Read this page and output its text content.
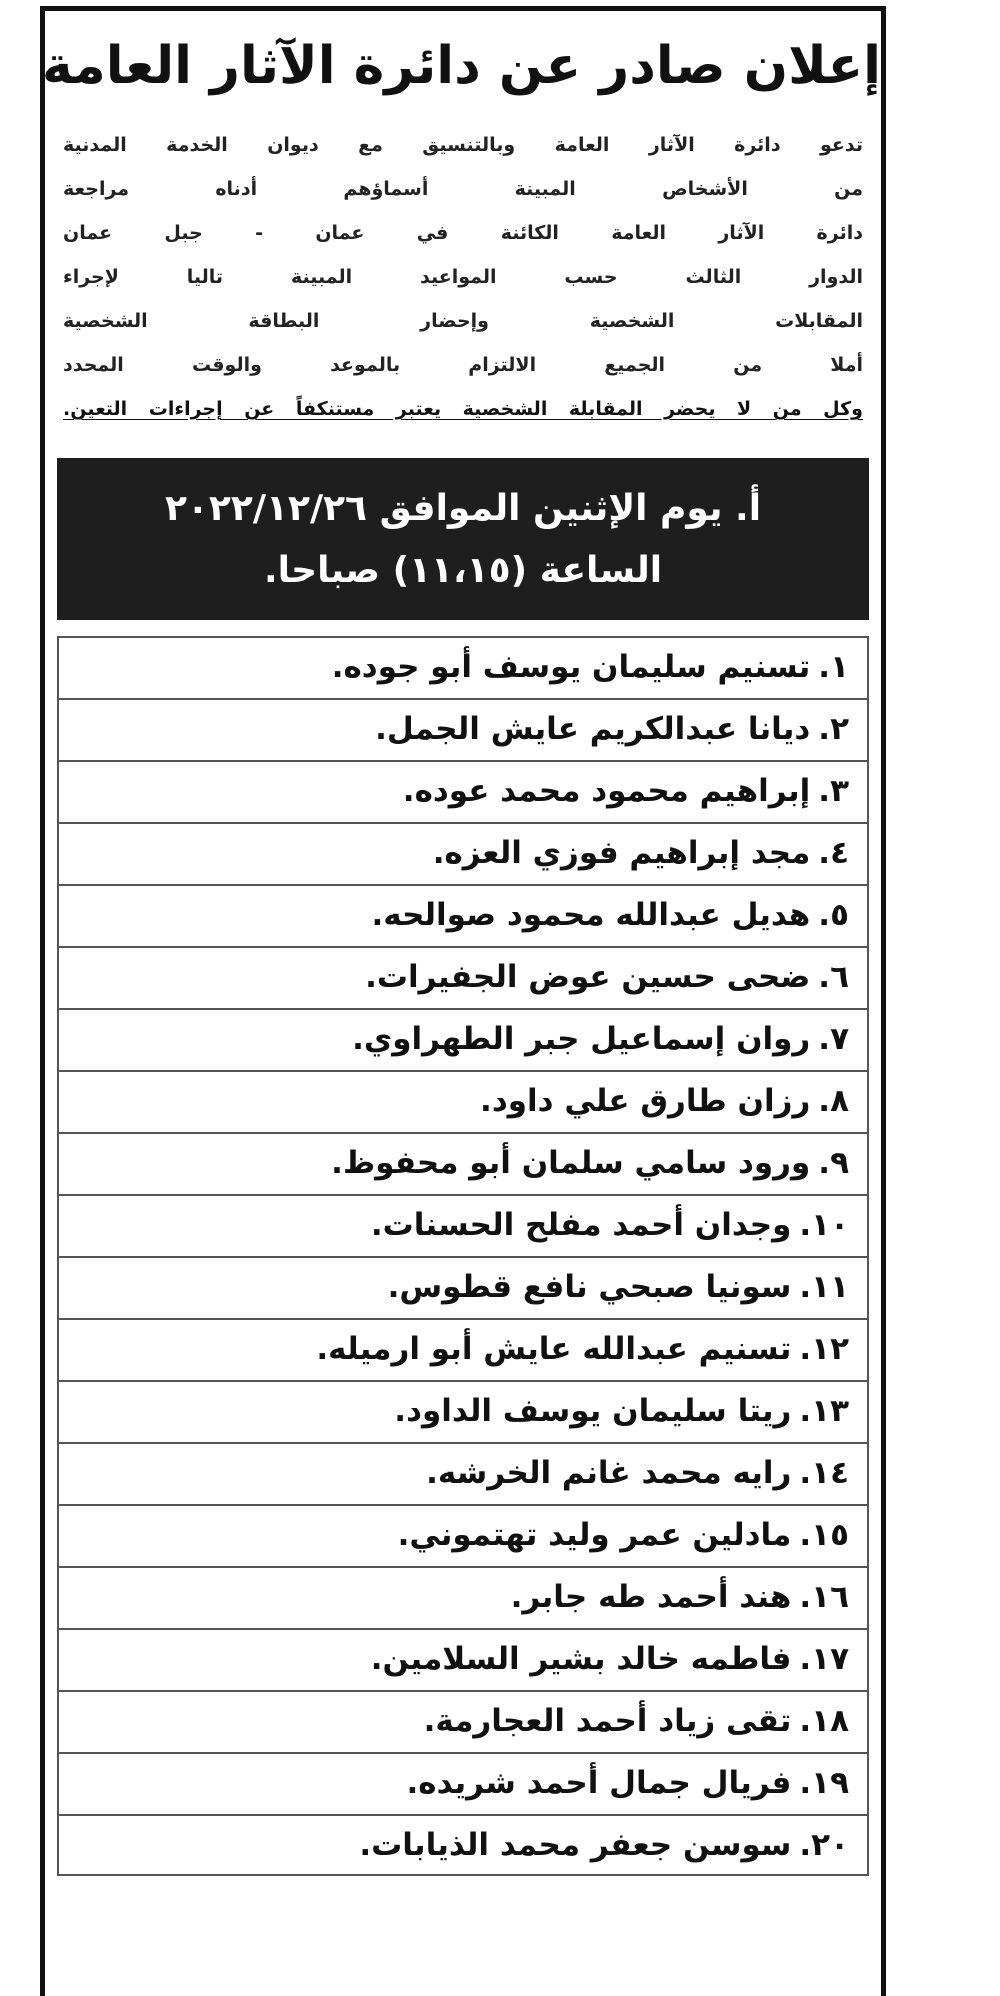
إعلان صادر عن دائرة الآثار العامة
تدعو دائرة الآثار العامة وبالتنسيق مع ديوان الخدمة المدنية
من الأشخاص المبينة أسماؤهم أدناه مراجعة
دائرة الآثار العامة الكائنة في عمان - جبل عمان
الدوار الثالث حسب المواعيد المبينة تاليا لإجراء
المقابلات الشخصية وإحضار البطاقة الشخصية
أملا من الجميع الالتزام بالموعد والوقت المحدد
وكل من لا يحضر المقابلة الشخصية يعتبر مستنكفاً عن إجراءات التعين.
أ. يوم الإثنين الموافق ٢٠٢٢/١٢/٢٦
الساعة (١١،١٥) صباحا.
١.تسنيم سليمان يوسف أبو جوده.
٢.ديانا عبدالكريم عايش الجمل.
٣.إبراهيم محمود محمد عوده.
٤.مجد إبراهيم فوزي العزه.
٥.هديل عبدالله محمود صوالحه.
٦.ضحى حسين عوض الجفيرات.
٧.روان إسماعيل جبر الطهراوي.
٨.رزان طارق علي داود.
٩.ورود سامي سلمان أبو محفوظ.
١٠.وجدان أحمد مفلح الحسنات.
١١.سونيا صبحي نافع قطوس.
١٢.تسنيم عبدالله عايش أبو ارميله.
١٣.ريتا سليمان يوسف الداود.
١٤.رايه محمد غانم الخرشه.
١٥.مادلين عمر وليد تهتموني.
١٦.هند أحمد طه جابر.
١٧.فاطمه خالد بشير السلامين.
١٨.تقى زياد أحمد العجارمة.
١٩.فريال جمال أحمد شريده.
٢٠.سوسن جعفر محمد الذيابات.
